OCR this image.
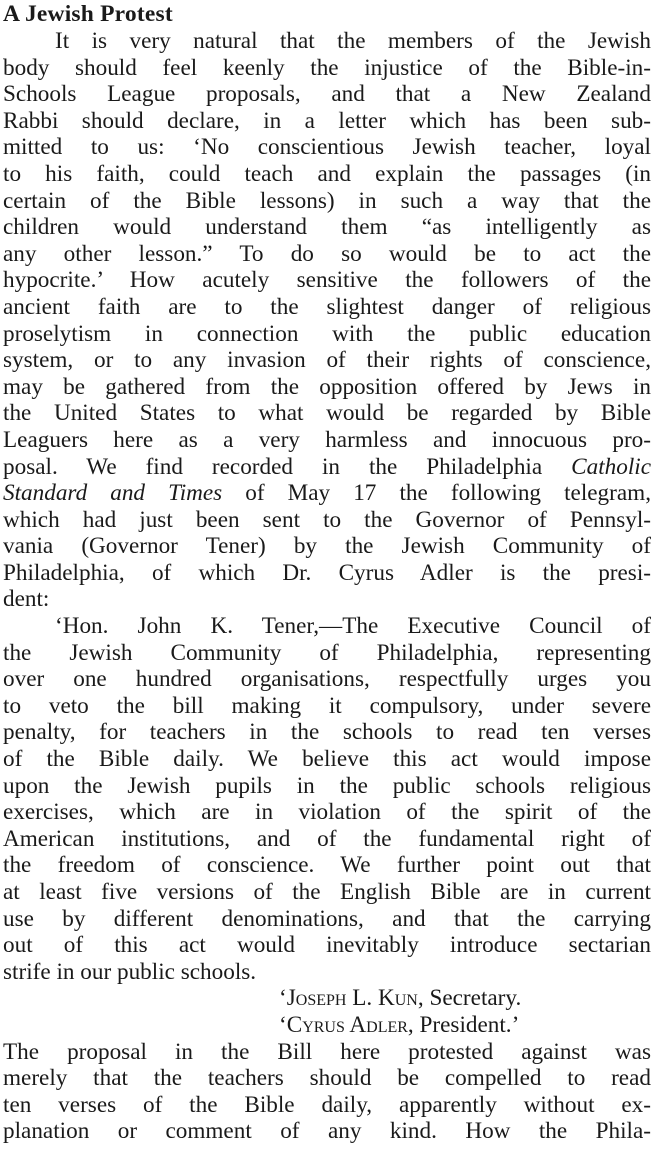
A Jewish Protest
It is very natural that the members of the Jewish
body should feel keenly the injustice of the Bible-in-
Schools League proposals, and that a New Zealand
Rabbi should declare, in a letter which has been sub-
mitted to us: ‘No conscientious Jewish teacher, loyal
to his faith, could teach and explain the passages (in
certain of the Bible lessons) in such a way that the
children would understand them “as intelligently as
any other lesson.” To do so would be to act the
hypocrite.’ How acutely sensitive the followers of the
ancient faith are to the slightest danger of religious
proselytism in connection with the public education
system, or to any invasion of their rights of conscience,
may be gathered from the opposition offered by Jews in
the United States to what would be regarded by Bible
Leaguers here as a very harmless and innocuous pro-
posal. We find recorded in the Philadelphia Catholic
Standard and Times of May 17 the following telegram,
which had just been sent to the Governor of Pennsyl-
vania (Governor Tener) by the Jewish Community of
Philadelphia, of which Dr. Cyrus Adler is the presi-
dent:
‘Hon. John K. Tener,—The Executive Council of
the Jewish Community of Philadelphia, representing
over one hundred organisations, respectfully urges you
to veto the bill making it compulsory, under severe
penalty, for teachers in the schools to read ten verses
of the Bible daily. We believe this act would impose
upon the Jewish pupils in the public schools religious
exercises, which are in violation of the spirit of the
American institutions, and of the fundamental right of
the freedom of conscience. We further point out that
at least five versions of the English Bible are in current
use by different denominations, and that the carrying
out of this act would inevitably introduce sectarian
strife in our public schools.
‘Joseph L. Kun, Secretary.
‘Cyrus Adler, President.’
The proposal in the Bill here protested against was
merely that the teachers should be compelled to read
ten verses of the Bible daily, apparently without ex-
planation or comment of any kind. How the Phila-
